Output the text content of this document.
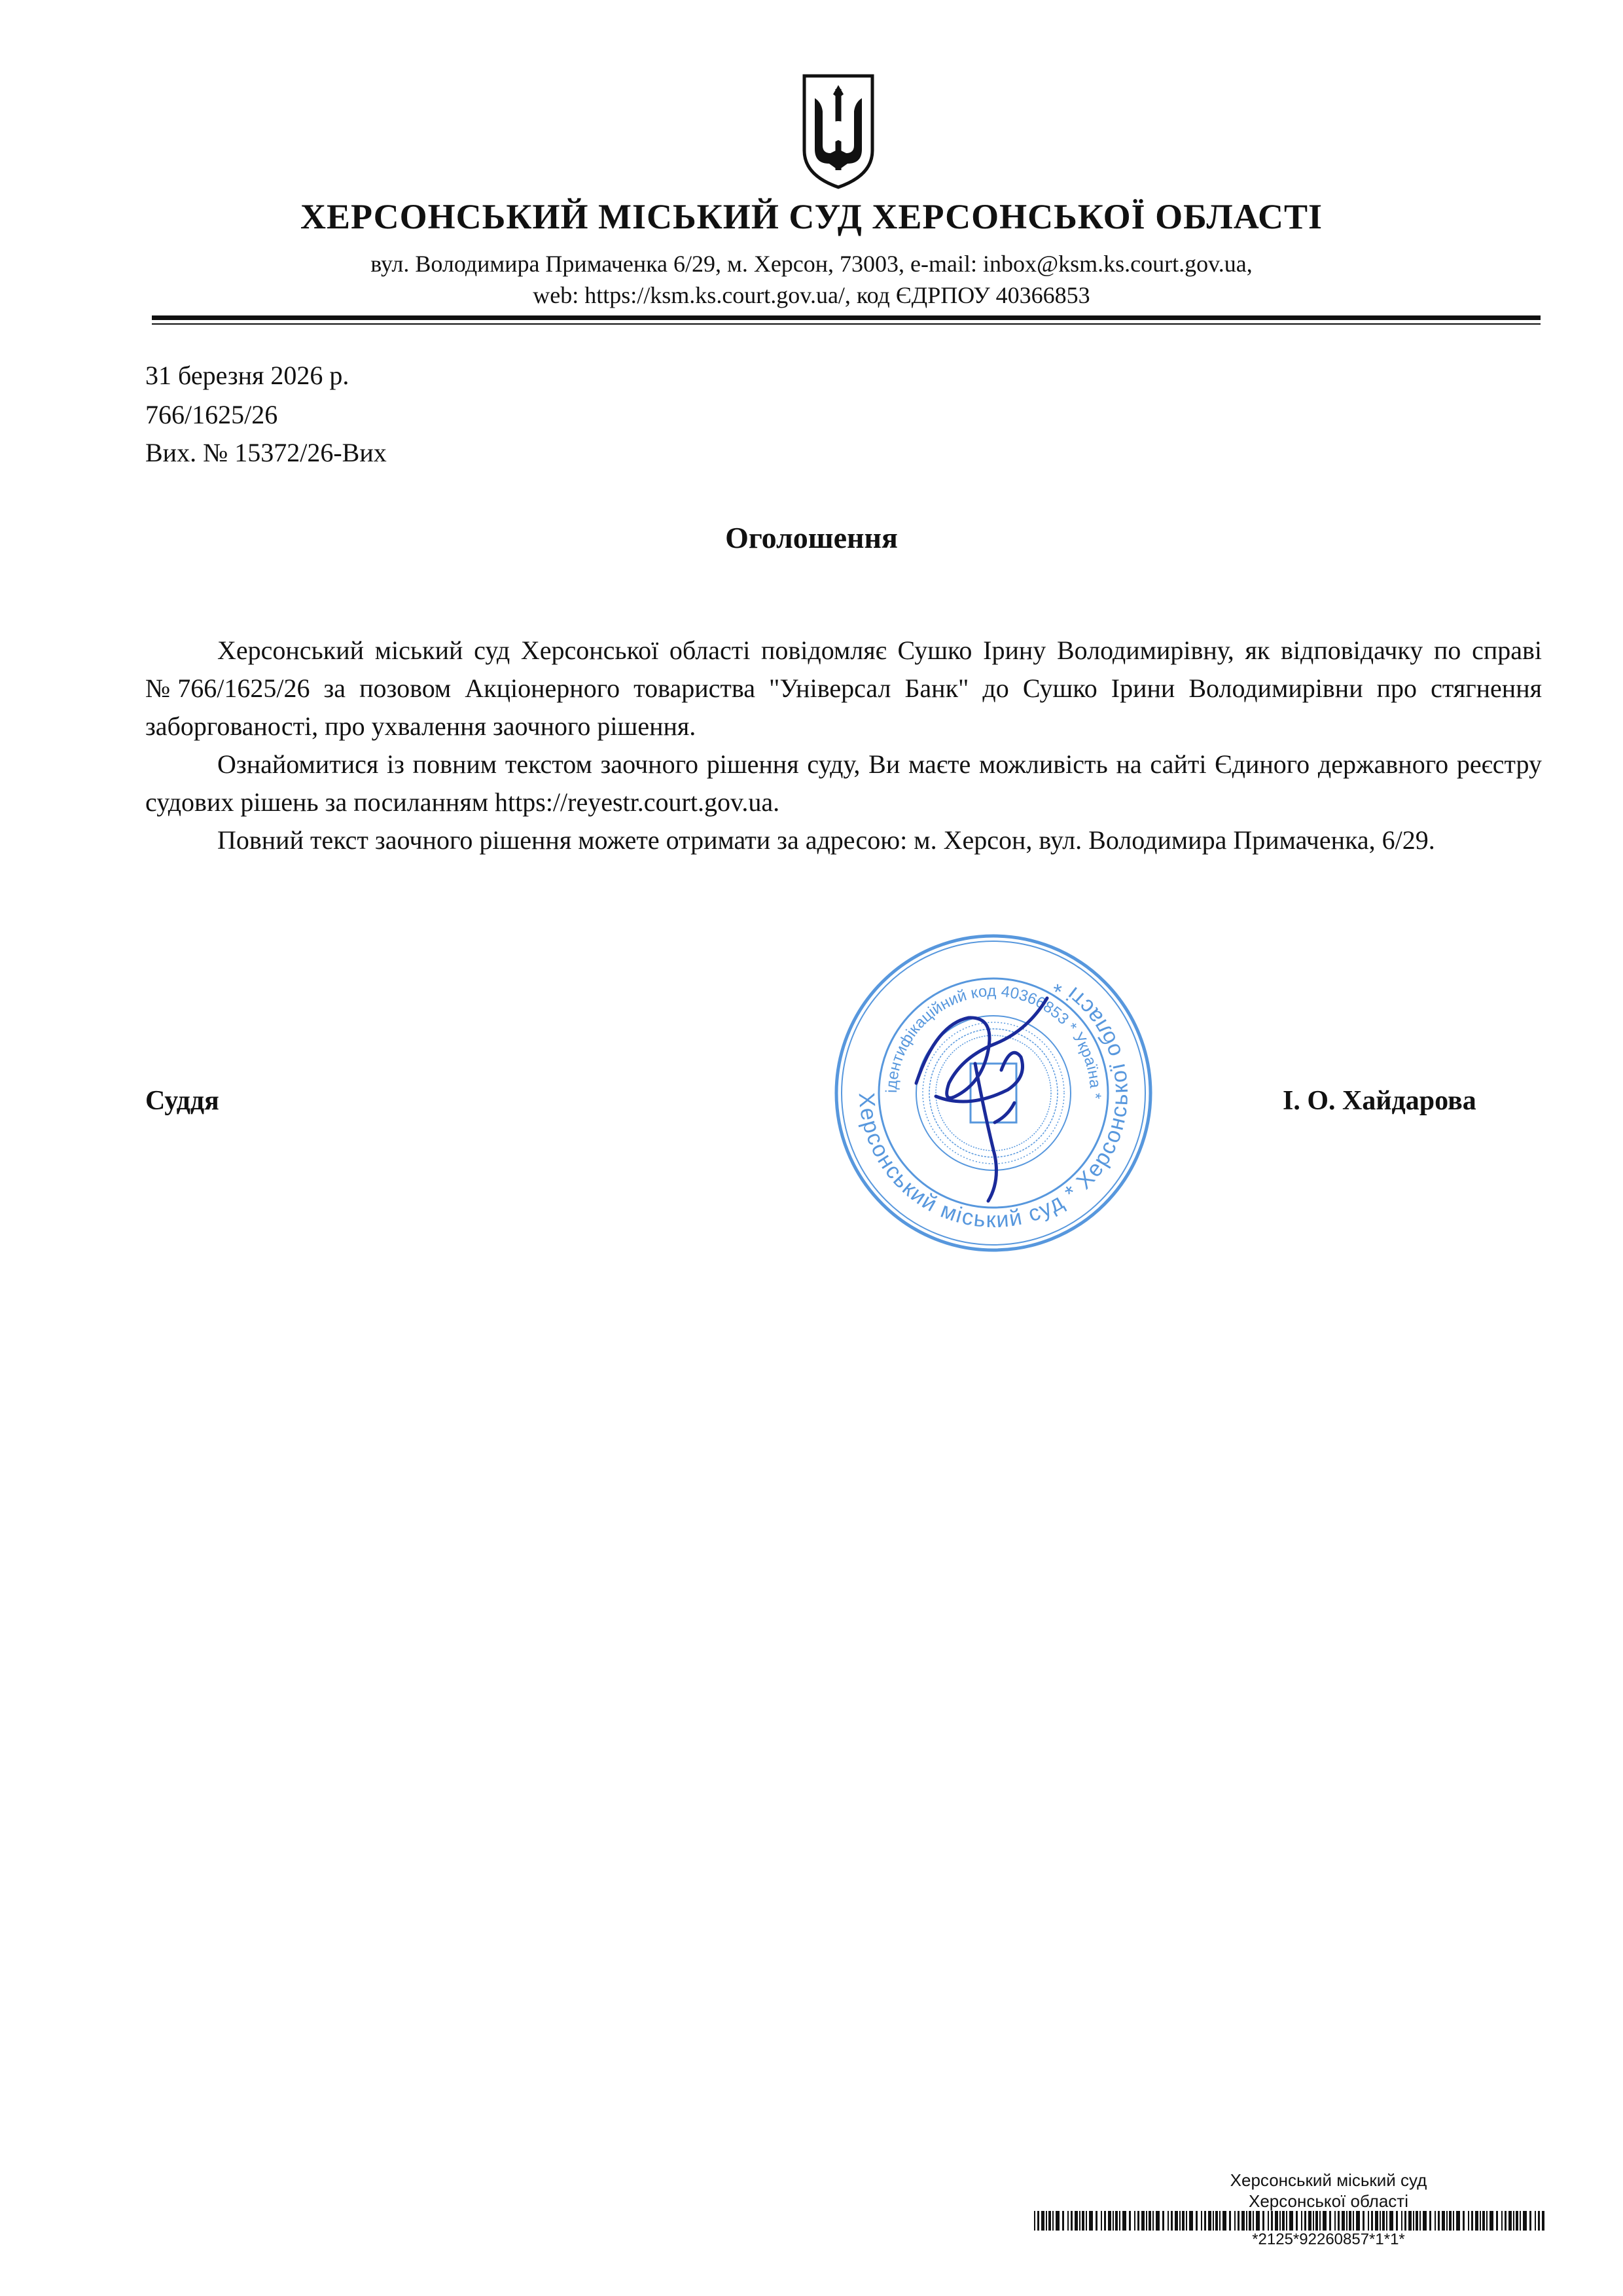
ХЕРСОНСЬКИЙ МІСЬКИЙ СУД ХЕРСОНСЬКОЇ ОБЛАСТІ
вул. Володимира Примаченка 6/29, м. Херсон, 73003, e-mail: inbox@ksm.ks.court.gov.ua,
web: https://ksm.ks.court.gov.ua/, код ЄДРПОУ 40366853
31 березня 2026 р.
766/1625/26
Вих. № 15372/26-Вих
Оголошення

Херсонський міський суд Херсонської області повідомляє Сушко Ірину Володимирівну, як відповідачку по справі №766/1625/26 за позовом Акціонерного товариства "Універсал Банк" до Сушко Ірини Володимирівни про стягнення заборгованості, про ухвалення заочного рішення.

Ознайомитися із повним текстом заочного рішення суду, Ви маєте можливість на сайті Єдиного державного реєстру судових рішень за посиланням https://reyestr.court.gov.ua.

Повний текст заочного рішення можете отримати за адресою: м. Херсон, вул. Володимира Примаченка, 6/29.

Херсонський міський суд * Херсонської області *
ідентифікаційний код 40366853 * Україна *
Суддя	І. О. Хайдарова
Херсонський міський суд
Херсонської області
*2125*92260857*1*1*
